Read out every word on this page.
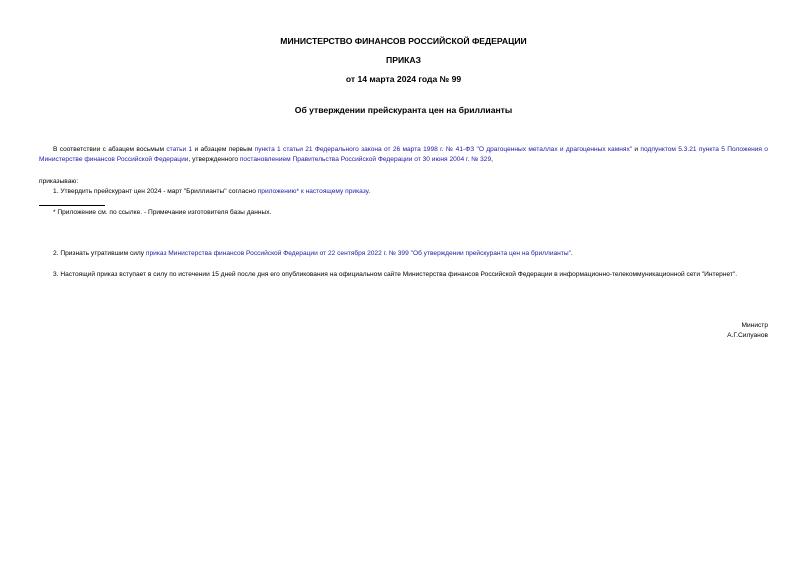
МИНИСТЕРСТВО ФИНАНСОВ РОССИЙСКОЙ ФЕДЕРАЦИИ
ПРИКАЗ
от 14 марта 2024 года № 99
Об утверждении прейскуранта цен на бриллианты
В соответствии с абзацем восьмым статьи 1 и абзацем первым пункта 1 статьи 21 Федерального закона от 26 марта 1998 г. № 41-ФЗ "О драгоценных металлах и драгоценных камнях" и подпунктом 5.3.21 пункта 5 Положения о Министерстве финансов Российской Федерации, утвержденного постановлением Правительства Российской Федерации от 30 июня 2004 г. № 329,
приказываю:
1. Утвердить прейскурант цен 2024 - март "Бриллианты" согласно приложению* к настоящему приказу.
* Приложение см. по ссылке. - Примечание изготовителя базы данных.
2. Признать утратившим силу приказ Министерства финансов Российской Федерации от 22 сентября 2022 г. № 399 "Об утверждении прейскуранта цен на бриллианты".
3. Настоящий приказ вступает в силу по истечении 15 дней после дня его опубликования на официальном сайте Министерства финансов Российской Федерации в информационно-телекоммуникационной сети "Интернет".
Министр
А.Г.Силуанов
